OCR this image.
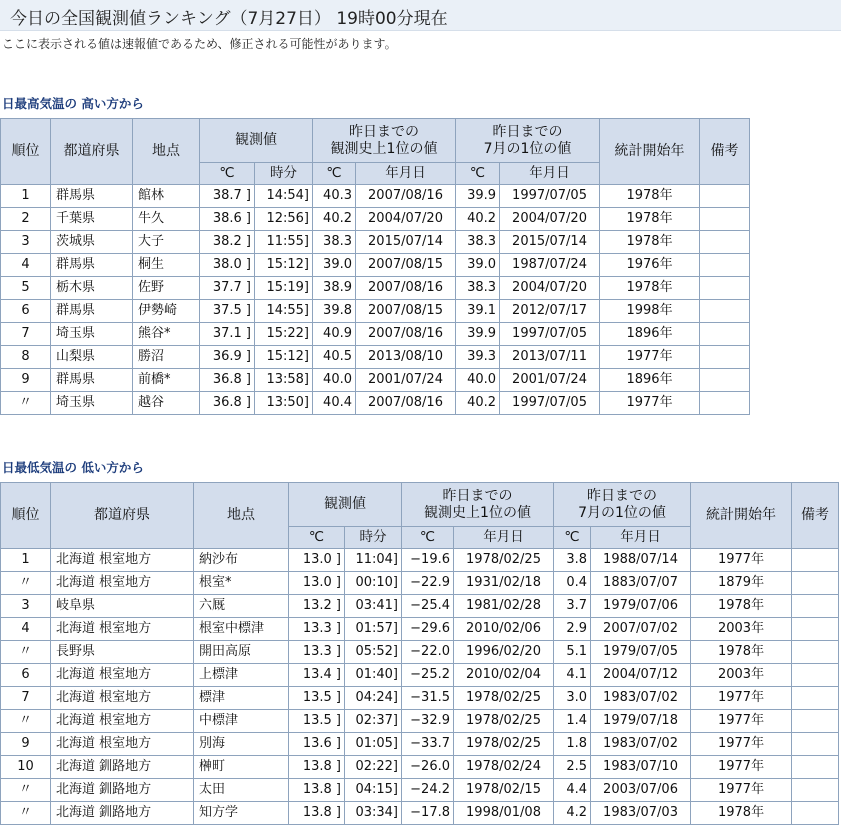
今日の全国観測値ランキング（7月27日） 19時00分現在
ここに表示される値は速報値であるため、修正される可能性があります。
日最高気温の 高い方から
順位	都道府県	地点	観測値		昨日までの
観測史上1位の値		昨日までの
7月の1位の値		統計開始年	備考
			℃	時分	℃	年月日	℃	年月日		
1	群馬県	館林	38.7 ]	14:54]	40.3	2007/08/16	39.9	1997/07/05	1978年	
2	千葉県	牛久	38.6 ]	12:56]	40.2	2004/07/20	40.2	2004/07/20	1978年	
3	茨城県	大子	38.2 ]	11:55]	38.3	2015/07/14	38.3	2015/07/14	1978年	
4	群馬県	桐生	38.0 ]	15:12]	39.0	2007/08/15	39.0	1987/07/24	1976年	
5	栃木県	佐野	37.7 ]	15:19]	38.9	2007/08/16	38.3	2004/07/20	1978年	
6	群馬県	伊勢崎	37.5 ]	14:55]	39.8	2007/08/15	39.1	2012/07/17	1998年	
7	埼玉県	熊谷*	37.1 ]	15:22]	40.9	2007/08/16	39.9	1997/07/05	1896年	
8	山梨県	勝沼	36.9 ]	15:12]	40.5	2013/08/10	39.3	2013/07/11	1977年	
9	群馬県	前橋*	36.8 ]	13:58]	40.0	2001/07/24	40.0	2001/07/24	1896年	
〃	埼玉県	越谷	36.8 ]	13:50]	40.4	2007/08/16	40.2	1997/07/05	1977年	
日最低気温の 低い方から
順位	都道府県	地点	観測値		昨日までの
観測史上1位の値		昨日までの
7月の1位の値		統計開始年	備考
			℃	時分	℃	年月日	℃	年月日		
1	北海道 根室地方	納沙布	13.0 ]	11:04]	−19.6	1978/02/25	3.8	1988/07/14	1977年	
〃	北海道 根室地方	根室*	13.0 ]	00:10]	−22.9	1931/02/18	0.4	1883/07/07	1879年	
3	岐阜県	六厩	13.2 ]	03:41]	−25.4	1981/02/28	3.7	1979/07/06	1978年	
4	北海道 根室地方	根室中標津	13.3 ]	01:57]	−29.6	2010/02/06	2.9	2007/07/02	2003年	
〃	長野県	開田高原	13.3 ]	05:52]	−22.0	1996/02/20	5.1	1979/07/05	1978年	
6	北海道 根室地方	上標津	13.4 ]	01:40]	−25.2	2010/02/04	4.1	2004/07/12	2003年	
7	北海道 根室地方	標津	13.5 ]	04:24]	−31.5	1978/02/25	3.0	1983/07/02	1977年	
〃	北海道 根室地方	中標津	13.5 ]	02:37]	−32.9	1978/02/25	1.4	1979/07/18	1977年	
9	北海道 根室地方	別海	13.6 ]	01:05]	−33.7	1978/02/25	1.8	1983/07/02	1977年	
10	北海道 釧路地方	榊町	13.8 ]	02:22]	−26.0	1978/02/24	2.5	1983/07/10	1977年	
〃	北海道 釧路地方	太田	13.8 ]	04:15]	−24.2	1978/02/15	4.4	2003/07/06	1977年	
〃	北海道 釧路地方	知方学	13.8 ]	03:34]	−17.8	1998/01/08	4.2	1983/07/03	1978年	
